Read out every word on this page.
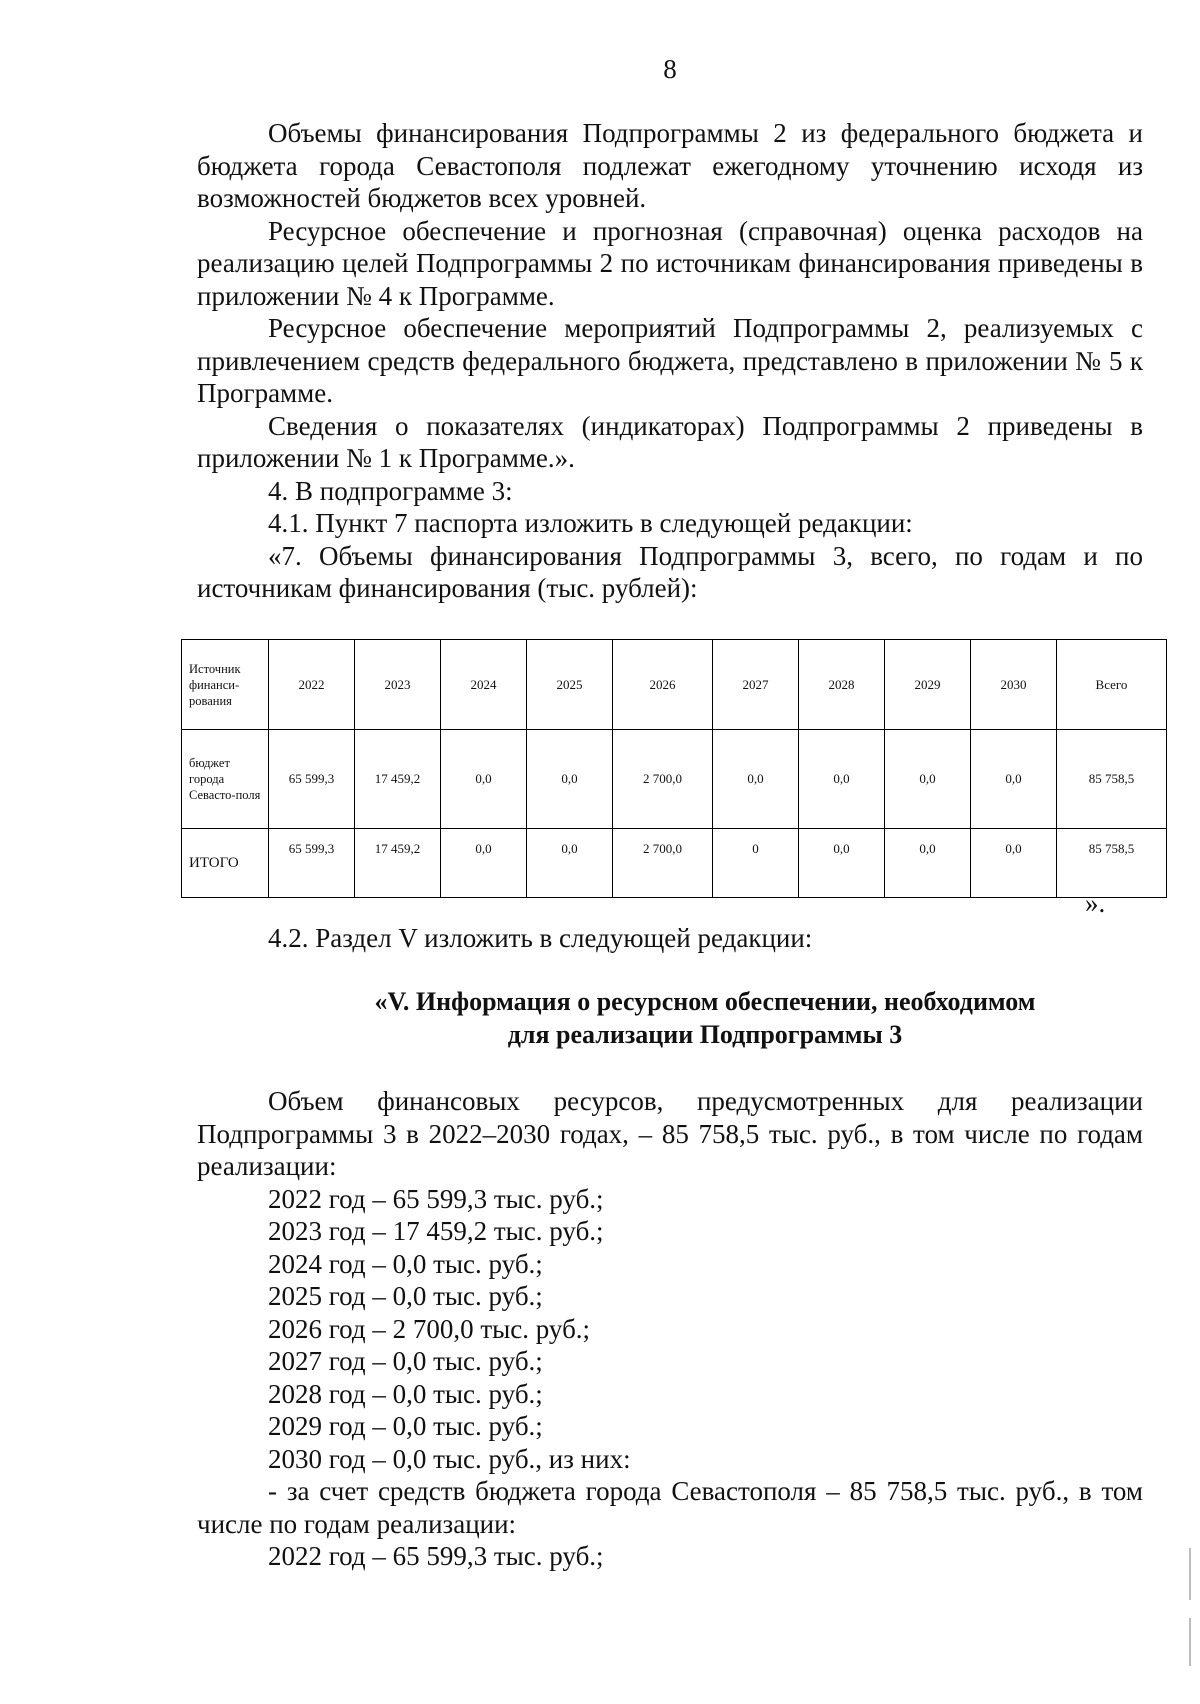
8

Объемы финансирования Подпрограммы 2 из федерального бюджета и бюджета города Севастополя подлежат ежегодному уточнению исходя из возможностей бюджетов всех уровней.

Ресурсное обеспечение и прогнозная (справочная) оценка расходов на реализацию целей Подпрограммы 2 по источникам финансирования приведены в приложении № 4 к Программе.

Ресурсное обеспечение мероприятий Подпрограммы 2, реализуемых с привлечением средств федерального бюджета, представлено в приложении № 5 к Программе.

Сведения о показателях (индикаторах) Подпрограммы 2 приведены в приложении № 1 к Программе.».

4. В подпрограмме 3:

4.1. Пункт 7 паспорта изложить в следующей редакции:

«7. Объемы финансирования Подпрограммы 3, всего, по годам и по источникам финансирования (тыс. рублей):

Источник финанси-рования	2022	2023	2024	2025	2026	2027	2028	2029	2030	Всего
бюджет города Севасто-поля	65 599,3	17 459,2	0,0	0,0	2 700,0	0,0	0,0	0,0	0,0	85 758,5
ИТОГО	65 599,3	17 459,2	0,0	0,0	2 700,0	0	0,0	0,0	0,0	85 758,5
».

4.2. Раздел V изложить в следующей редакции:

«V. Информация о ресурсном обеспечении, необходимом
для реализации Подпрограммы 3

Объем финансовых ресурсов, предусмотренных для реализации Подпрограммы 3 в 2022–2030 годах, – 85 758,5 тыс. руб., в том числе по годам реализации:

2022 год – 65 599,3 тыс. руб.;

2023 год – 17 459,2 тыс. руб.;

2024 год – 0,0 тыс. руб.;

2025 год – 0,0 тыс. руб.;

2026 год – 2 700,0 тыс. руб.;

2027 год – 0,0 тыс. руб.;

2028 год – 0,0 тыс. руб.;

2029 год – 0,0 тыс. руб.;

2030 год – 0,0 тыс. руб., из них:

- за счет средств бюджета города Севастополя – 85 758,5 тыс. руб., в том числе по годам реализации:

2022 год – 65 599,3 тыс. руб.;
